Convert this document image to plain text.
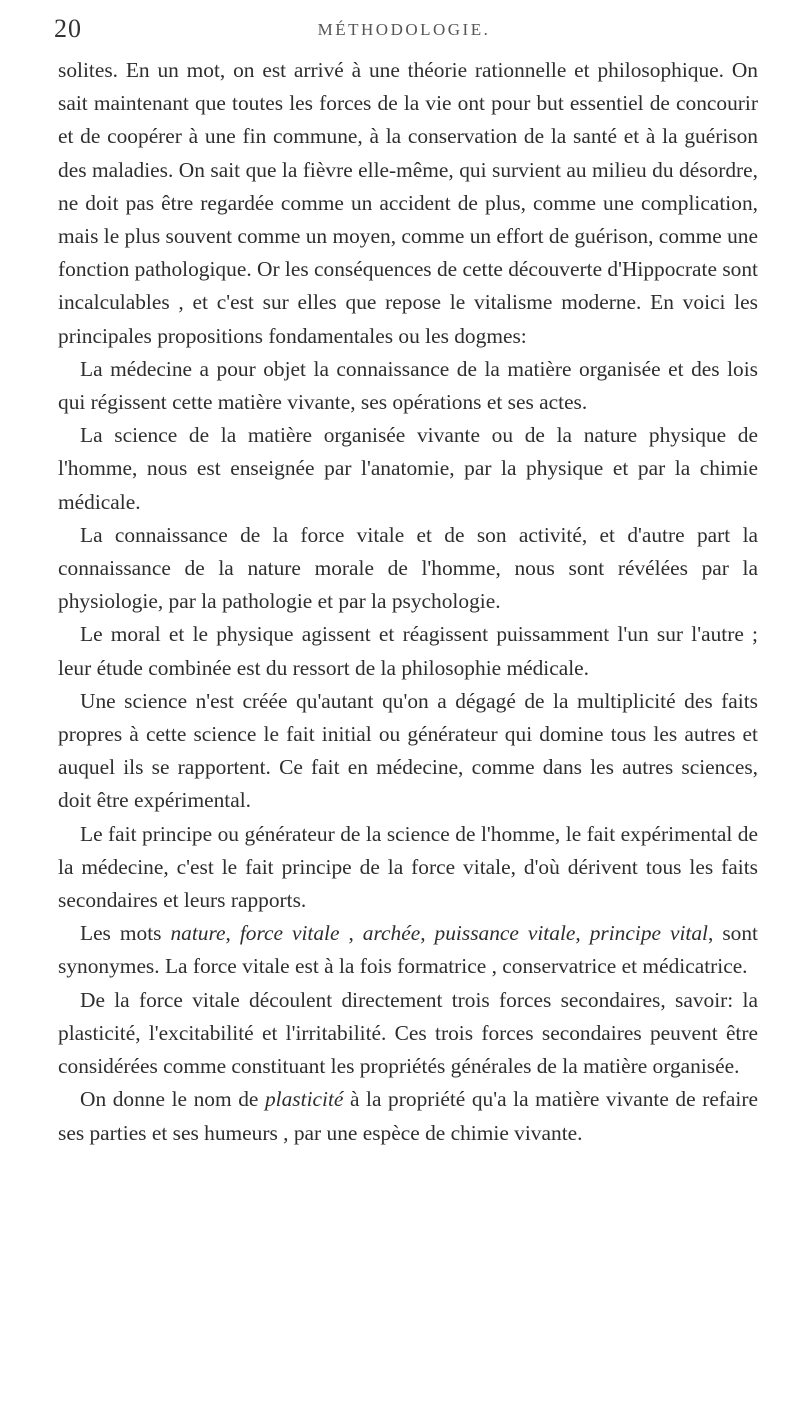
20	MÉTHODOLOGIE.

solites. En un mot, on est arrivé à une théorie rationnelle et philosophique. On sait maintenant que toutes les forces de la vie ont pour but essentiel de concourir et de coopérer à une fin commune, à la conservation de la santé et à la guérison des maladies. On sait que la fièvre elle-même, qui survient au milieu du désordre, ne doit pas être regardée comme un accident de plus, comme une complication, mais le plus souvent comme un moyen, comme un effort de guérison, comme une fonction pathologique. Or les conséquences de cette découverte d'Hippocrate sont incalculables , et c'est sur elles que repose le vitalisme moderne. En voici les principales propositions fondamentales ou les dogmes:

La médecine a pour objet la connaissance de la matière organisée et des lois qui régissent cette matière vivante, ses opérations et ses actes.

La science de la matière organisée vivante ou de la nature physique de l'homme, nous est enseignée par l'anatomie, par la physique et par la chimie médicale.

La connaissance de la force vitale et de son activité, et d'autre part la connaissance de la nature morale de l'homme, nous sont révélées par la physiologie, par la pathologie et par la psychologie.

Le moral et le physique agissent et réagissent puissamment l'un sur l'autre ; leur étude combinée est du ressort de la philosophie médicale.

Une science n'est créée qu'autant qu'on a dégagé de la multiplicité des faits propres à cette science le fait initial ou générateur qui domine tous les autres et auquel ils se rapportent. Ce fait en médecine, comme dans les autres sciences, doit être expérimental.

Le fait principe ou générateur de la science de l'homme, le fait expérimental de la médecine, c'est le fait principe de la force vitale, d'où dérivent tous les faits secondaires et leurs rapports.

Les mots nature, force vitale , archée, puissance vitale, principe vital, sont synonymes. La force vitale est à la fois formatrice , conservatrice et médicatrice.

De la force vitale découlent directement trois forces secondaires, savoir: la plasticité, l'excitabilité et l'irritabilité. Ces trois forces secondaires peuvent être considérées comme constituant les propriétés générales de la matière organisée.

On donne le nom de plasticité à la propriété qu'a la matière vivante de refaire ses parties et ses humeurs , par une espèce de chimie vivante.
